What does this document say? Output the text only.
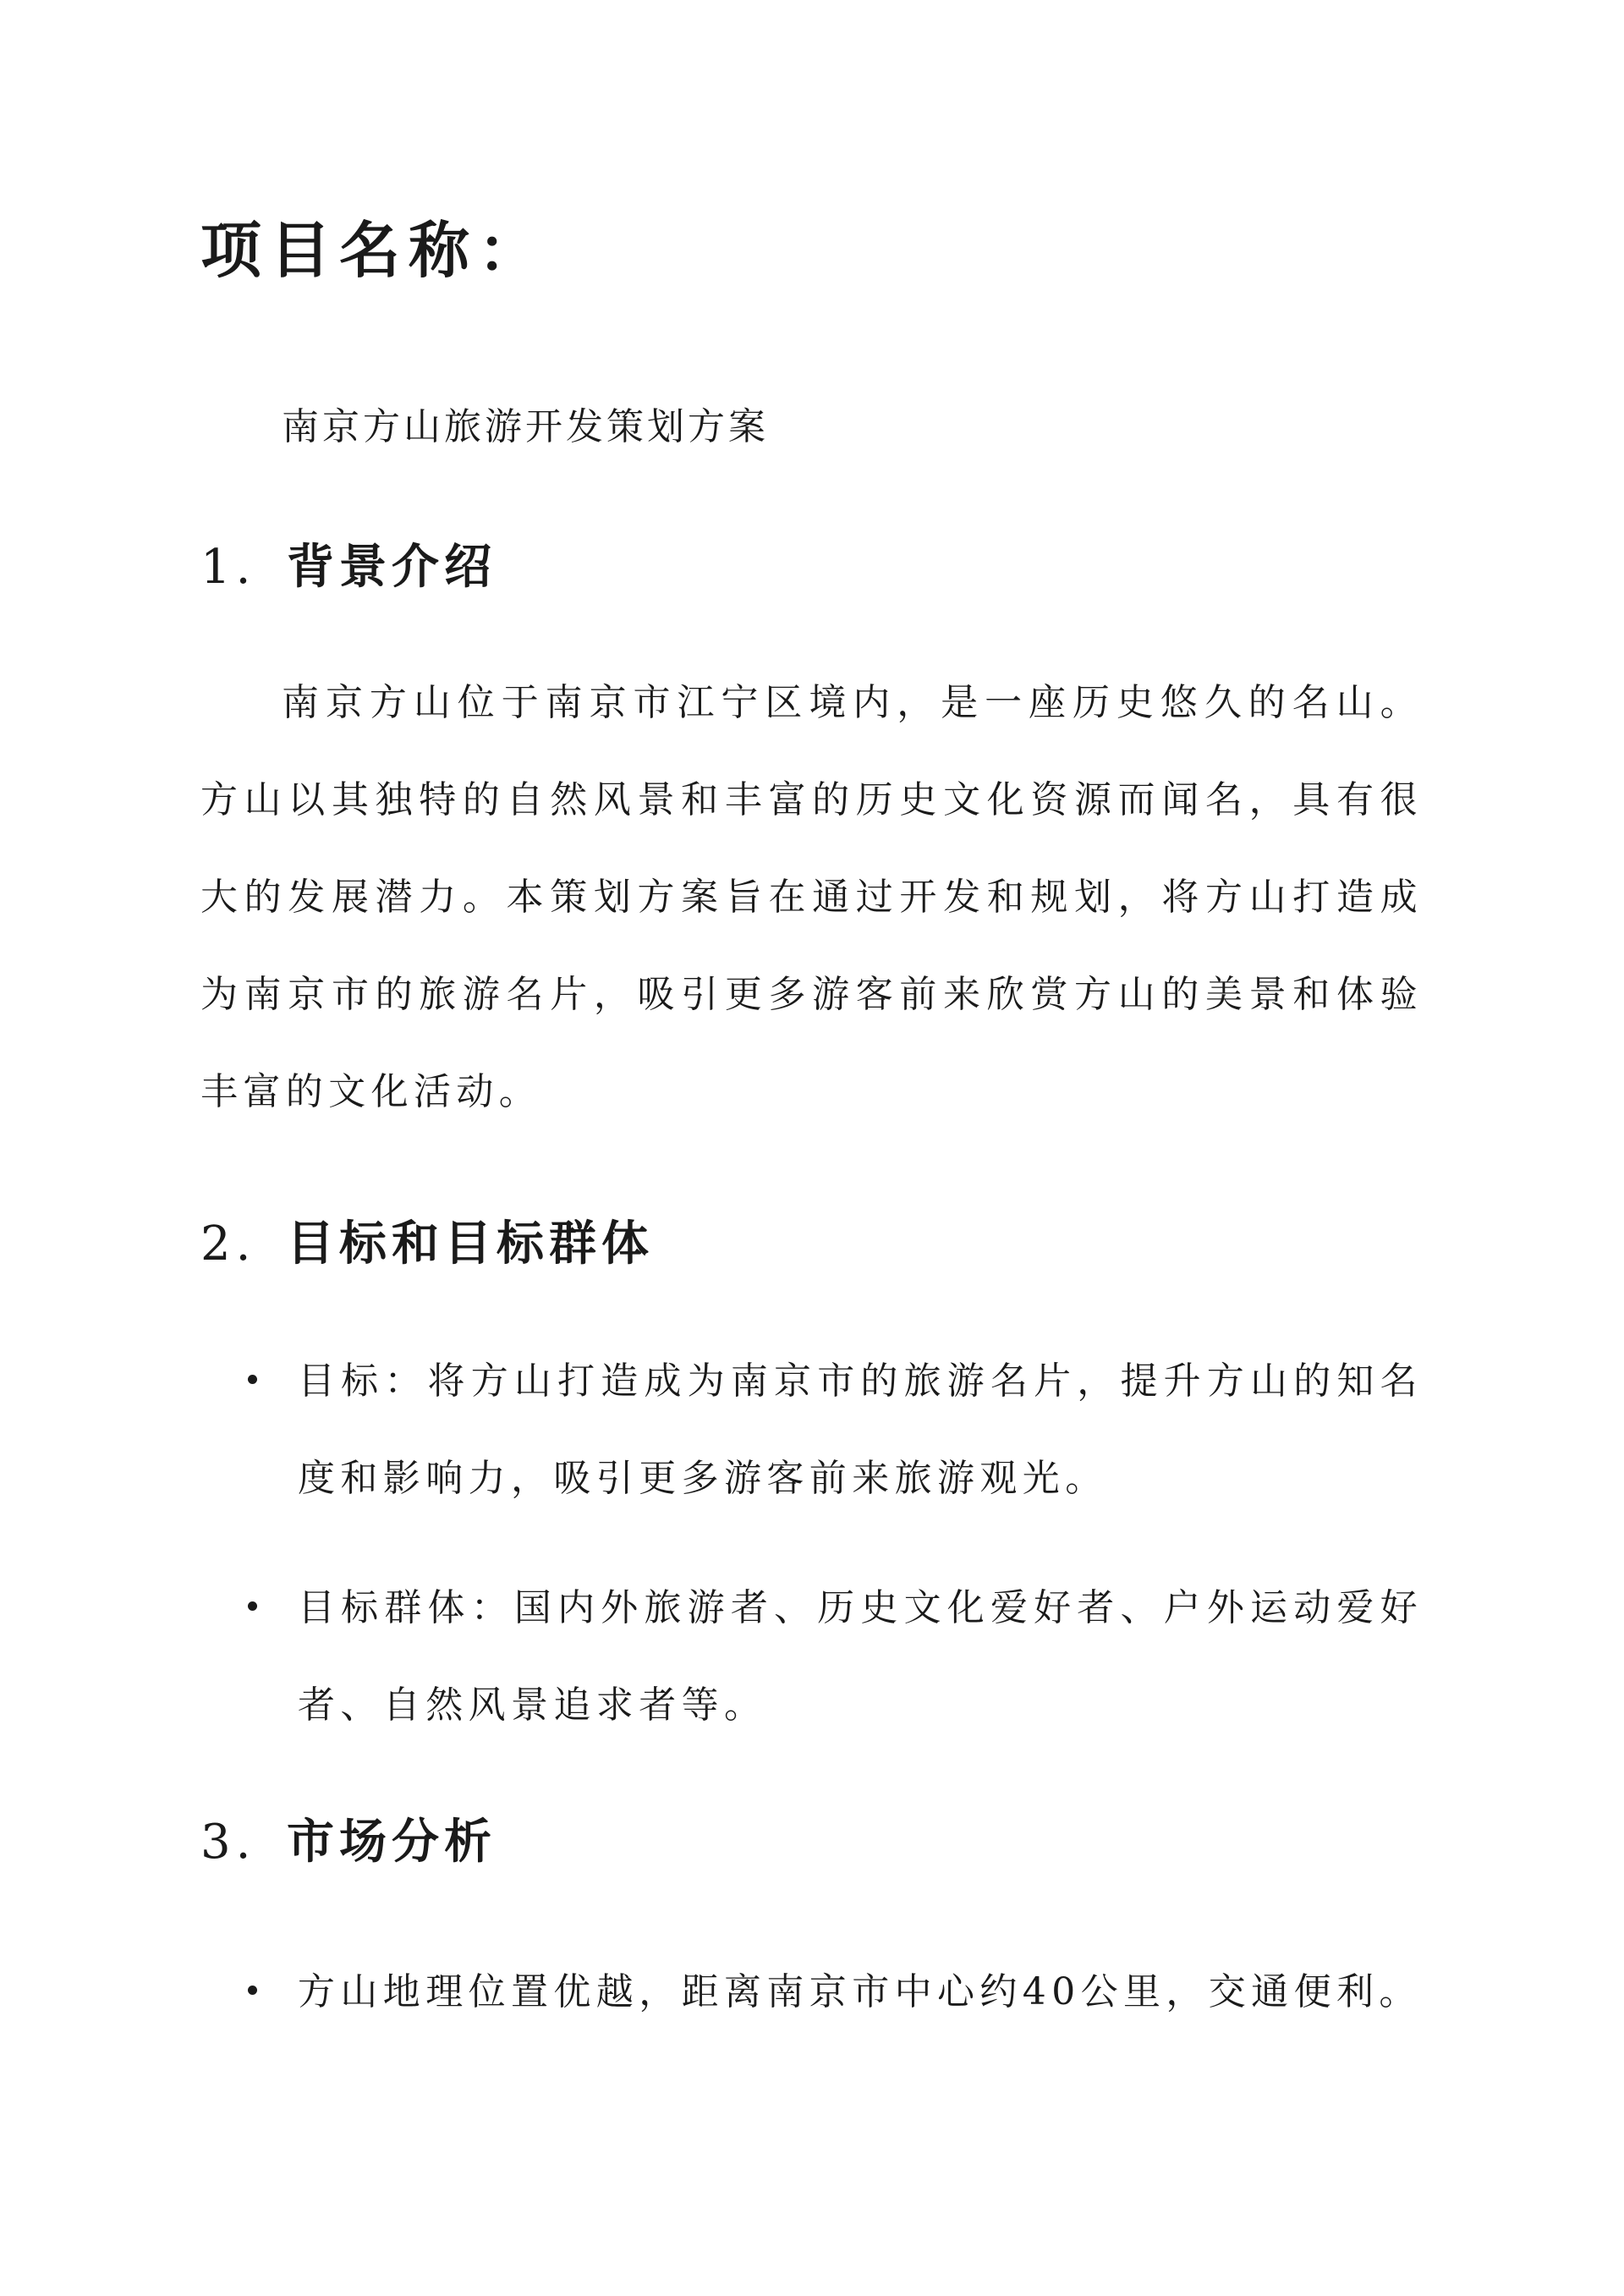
项目名称：

南京方山旅游开发策划方案

1. 背景介绍

南京方山位于南京市江宁区境内，是一座历史悠久的名山。方山以其独特的自然风景和丰富的历史文化资源而闻名，具有很大的发展潜力。本策划方案旨在通过开发和规划，将方山打造成为南京市的旅游名片，吸引更多游客前来欣赏方山的美景和体验丰富的文化活动。

2. 目标和目标群体
目标：将方山打造成为南京市的旅游名片，提升方山的知名度和影响力，吸引更多游客前来旅游观光。
目标群体：国内外旅游者、历史文化爱好者、户外运动爱好者、自然风景追求者等。
3. 市场分析
方山地理位置优越，距离南京市中心约40公里，交通便利。
